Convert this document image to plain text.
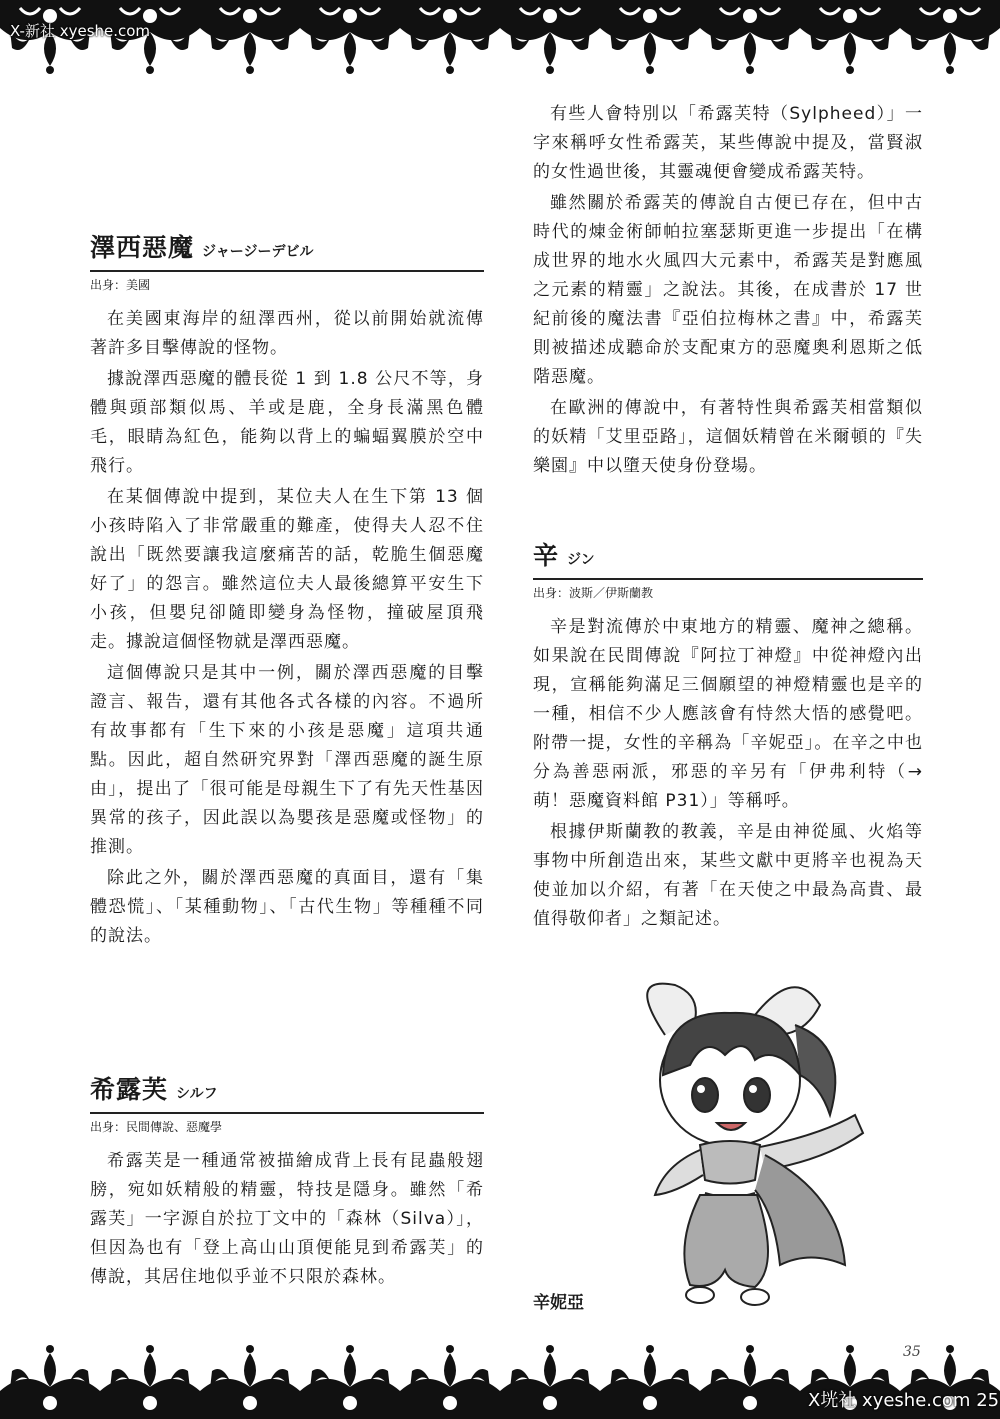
X-新社 xyeshe.com
澤西惡魔 ジャージーデビル
出身：美國

在美國東海岸的紐澤西州，從以前開始就流傳著許多目擊傳說的怪物。

據說澤西惡魔的體長從 1 到 1.8 公尺不等，身體與頭部類似馬、羊或是鹿，全身長滿黑色體毛，眼睛為紅色，能夠以背上的蝙蝠翼膜於空中飛行。

在某個傳說中提到，某位夫人在生下第 13 個小孩時陷入了非常嚴重的難產，使得夫人忍不住說出「既然要讓我這麼痛苦的話，乾脆生個惡魔好了」的怨言。雖然這位夫人最後總算平安生下小孩，但嬰兒卻隨即變身為怪物，撞破屋頂飛走。據說這個怪物就是澤西惡魔。

這個傳說只是其中一例，關於澤西惡魔的目擊證言、報告，還有其他各式各樣的內容。不過所有故事都有「生下來的小孩是惡魔」這項共通點。因此，超自然研究界對「澤西惡魔的誕生原由」，提出了「很可能是母親生下了有先天性基因異常的孩子，因此誤以為嬰孩是惡魔或怪物」的推測。

除此之外，關於澤西惡魔的真面目，還有「集體恐慌」、「某種動物」、「古代生物」等種種不同的說法。

希露芙 シルフ
出身：民間傳說、惡魔學

希露芙是一種通常被描繪成背上長有昆蟲般翅膀，宛如妖精般的精靈，特技是隱身。雖然「希露芙」一字源自於拉丁文中的「森林（Silva）」，但因為也有「登上高山山頂便能見到希露芙」的傳說，其居住地似乎並不只限於森林。

有些人會特別以「希露芙特（Sylpheed）」一字來稱呼女性希露芙，某些傳說中提及，當賢淑的女性過世後，其靈魂便會變成希露芙特。

雖然關於希露芙的傳說自古便已存在，但中古時代的煉金術師帕拉塞瑟斯更進一步提出「在構成世界的地水火風四大元素中，希露芙是對應風之元素的精靈」之說法。其後，在成書於 17 世紀前後的魔法書『亞伯拉梅林之書』中，希露芙則被描述成聽命於支配東方的惡魔奧利恩斯之低階惡魔。

在歐洲的傳說中，有著特性與希露芙相當類似的妖精「艾里亞路」，這個妖精曾在米爾頓的『失樂園』中以墮天使身份登場。

辛 ジン
出身：波斯／伊斯蘭教

辛是對流傳於中東地方的精靈、魔神之總稱。如果說在民間傳說『阿拉丁神燈』中從神燈內出現，宣稱能夠滿足三個願望的神燈精靈也是辛的一種，相信不少人應該會有恃然大悟的感覺吧。附帶一提，女性的辛稱為「辛妮亞」。在辛之中也分為善惡兩派，邪惡的辛另有「伊弗利特（→萌！惡魔資料館 P31）」等稱呼。

根據伊斯蘭教的教義，辛是由神從風、火焰等事物中所創造出來，某些文獻中更將辛也視為天使並加以介紹，有著「在天使之中最為高貴、最值得敬仰者」之類記述。

辛妮亞
35
X垙社 xyeshe.com 25
